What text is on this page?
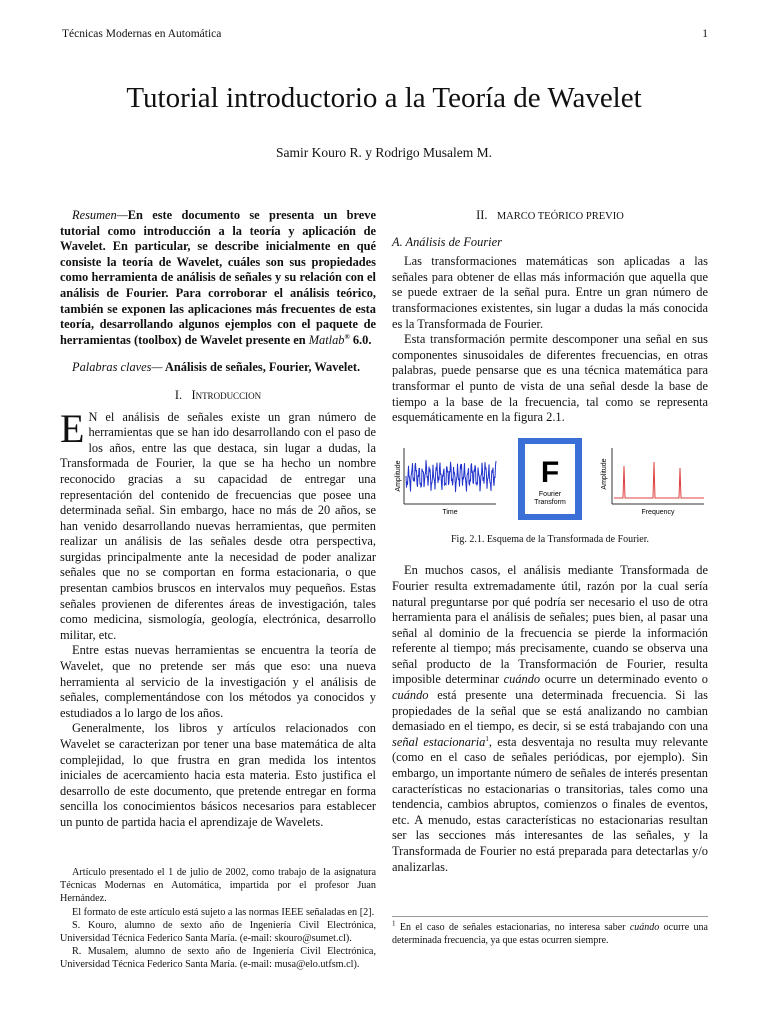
Técnicas Modernas en Automática	1
Tutorial introductorio a la Teoría de Wavelet
Samir Kouro R. y Rodrigo Musalem M.

Resumen—En este documento se presenta un breve tutorial como introducción a la teoría y aplicación de Wavelet. En particular, se describe inicialmente en qué consiste la teoría de Wavelet, cuáles son sus propiedades como herramienta de análisis de señales y su relación con el análisis de Fourier. Para corroborar el análisis teórico, también se exponen las aplicaciones más frecuentes de esta teoría, desarrollando algunos ejemplos con el paquete de herramientas (toolbox) de Wavelet presente en Matlab® 6.0.

Palabras claves— Análisis de señales, Fourier, Wavelet.

I. Introduccion

E N el análisis de señales existe un gran número de herramientas que se han ido desarrollando con el paso de los años, entre las que destaca, sin lugar a dudas, la Transformada de Fourier, la que se ha hecho un nombre reconocido gracias a su capacidad de entregar una representación del contenido de frecuencias que posee una determinada señal. Sin embargo, hace no más de 20 años, se han venido desarrollando nuevas herramientas, que permiten realizar un análisis de las señales desde otra perspectiva, surgidas principalmente ante la necesidad de poder analizar señales que no se comportan en forma estacionaria, o que presentan cambios bruscos en intervalos muy pequeños. Estas señales provienen de diferentes áreas de investigación, tales como medicina, sismología, geología, electrónica, desarrollo militar, etc.

Entre estas nuevas herramientas se encuentra la teoría de Wavelet, que no pretende ser más que eso: una nueva herramienta al servicio de la investigación y el análisis de señales, complementándose con los métodos ya conocidos y estudiados a lo largo de los años.

Generalmente, los libros y artículos relacionados con Wavelet se caracterizan por tener una base matemática de alta complejidad, lo que frustra en gran medida los intentos iniciales de acercamiento hacia esta materia. Esto justifica el desarrollo de este documento, que pretende entregar en forma sencilla los conocimientos básicos necesarios para establecer un punto de partida hacia el aprendizaje de Wavelets.

Artículo presentado el 1 de julio de 2002, como trabajo de la asignatura Técnicas Modernas en Automática, impartida por el profesor Juan Hernández.

El formato de este artículo está sujeto a las normas IEEE señaladas en [2].

S. Kouro, alumno de sexto año de Ingeniería Civil Electrónica, Universidad Técnica Federico Santa María. (e-mail: skouro@sumet.cl).

R. Musalem, alumno de sexto año de Ingeniería Civil Electrónica, Universidad Técnica Federico Santa María. (e-mail: musa@elo.utfsm.cl).

II. MARCO TEÓRICO PREVIO
A. Análisis de Fourier

Las transformaciones matemáticas son aplicadas a las señales para obtener de ellas más información que aquella que se puede extraer de la señal pura. Entre un gran número de transformaciones existentes, sin lugar a dudas la más conocida es la Transformada de Fourier.

Esta transformación permite descomponer una señal en sus componentes sinusoidales de diferentes frecuencias, en otras palabras, puede pensarse que es una técnica matemática para transformar el punto de vista de una señal desde la base de tiempo a la base de la frecuencia, tal como se representa esquemáticamente en la figura 2.1.

Amplitude
Time
F
Fourier
Transform
Amplitude
Frequency
Fig. 2.1. Esquema de la Transformada de Fourier.

En muchos casos, el análisis mediante Transformada de Fourier resulta extremadamente útil, razón por la cual sería natural preguntarse por qué podría ser necesario el uso de otra herramienta para el análisis de señales; pues bien, al pasar una señal al dominio de la frecuencia se pierde la información referente al tiempo; más precisamente, cuando se observa una señal producto de la Transformación de Fourier, resulta imposible determinar cuándo ocurre un determinado evento o cuándo está presente una determinada frecuencia. Si las propiedades de la señal que se está analizando no cambian demasiado en el tiempo, es decir, si se está trabajando con una señal estacionaria$^1$, esta desventaja no resulta muy relevante (como en el caso de señales periódicas, por ejemplo). Sin embargo, un importante número de señales de interés presentan características no estacionarias o transitorias, tales como una tendencia, cambios abruptos, comienzos o finales de eventos, etc. A menudo, estas características no estacionarias resultan ser las secciones más interesantes de las señales, y la Transformada de Fourier no está preparada para detectarlas y/o analizarlas.

$^1$ En el caso de señales estacionarias, no interesa saber cuándo ocurre una determinada frecuencia, ya que estas ocurren siempre.
